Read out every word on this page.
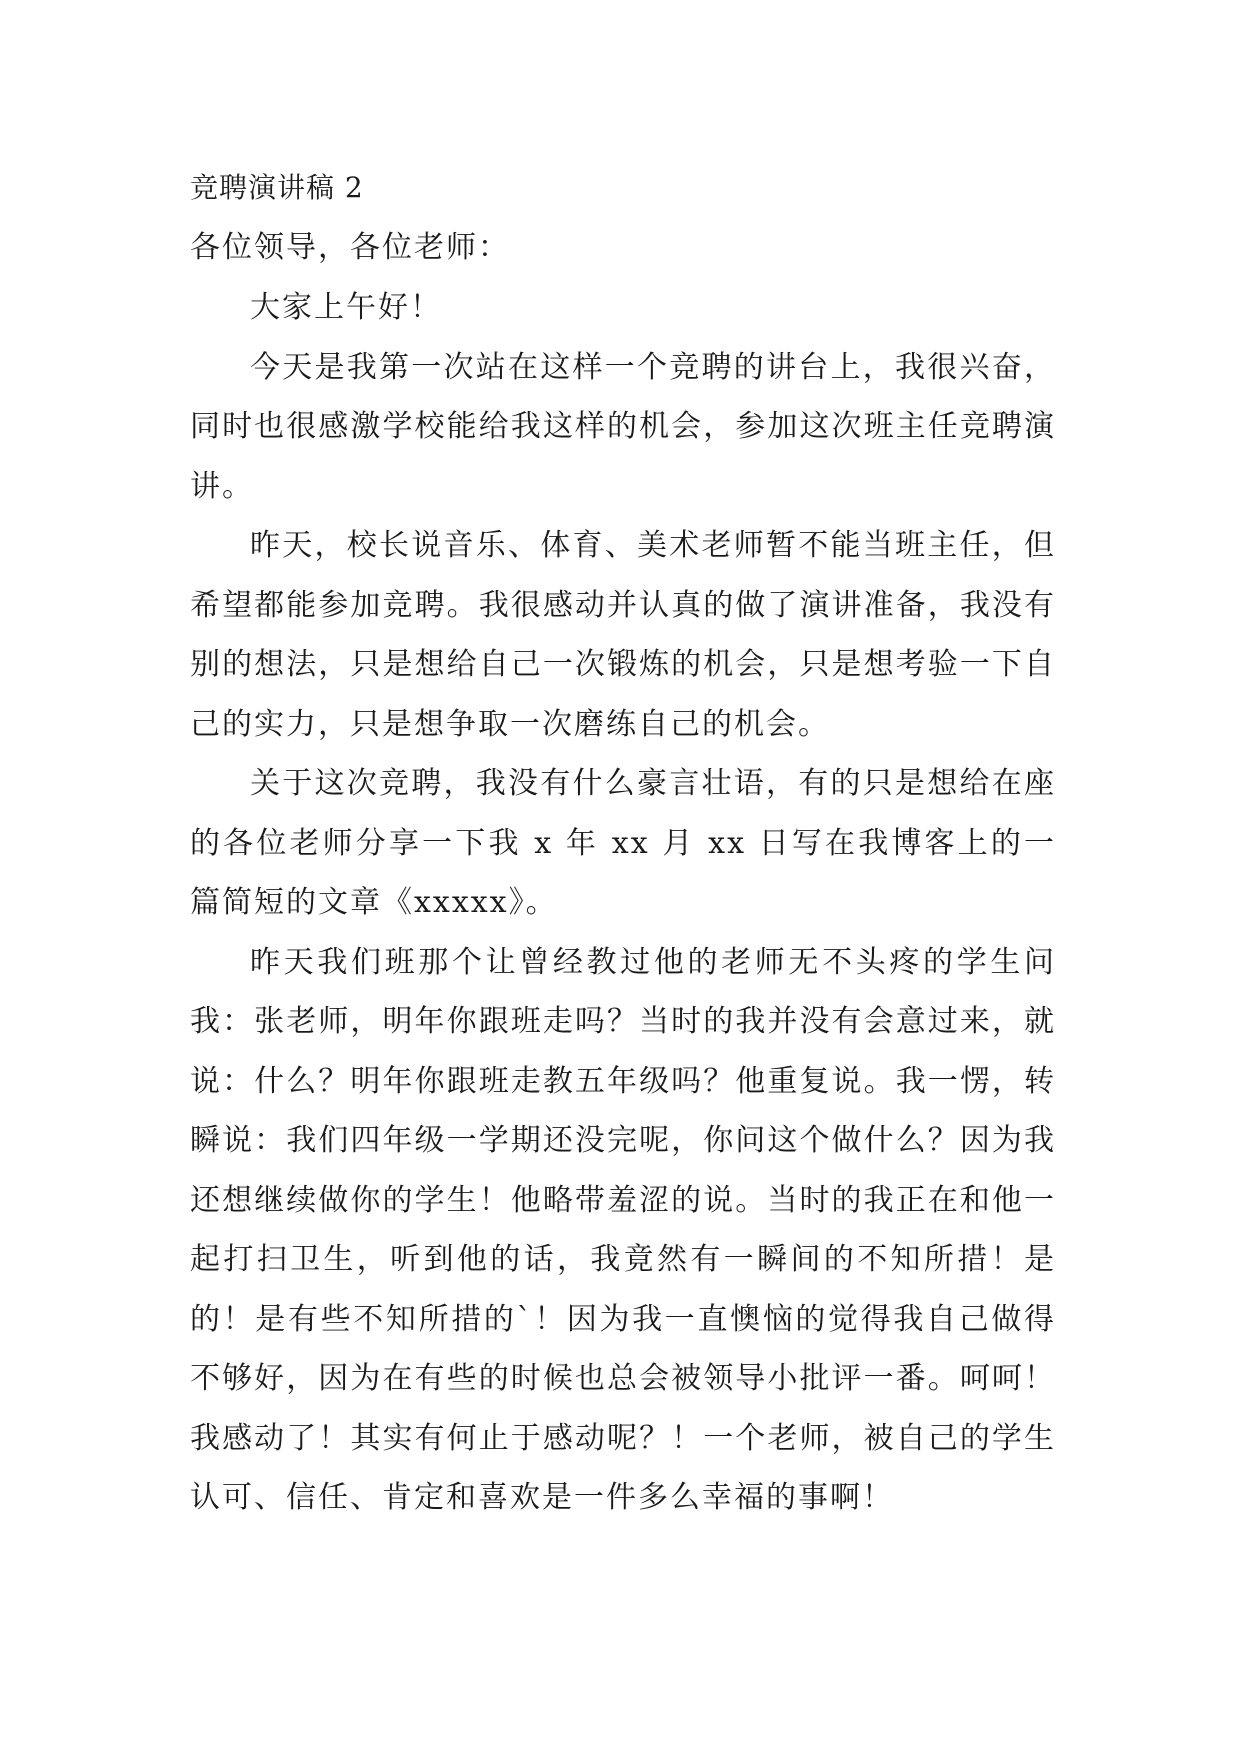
竞聘演讲稿 2

各位领导，各位老师：

大家上午好！

今天是我第一次站在这样一个竞聘的讲台上，我很兴奋，同时也很感激学校能给我这样的机会，参加这次班主任竞聘演讲。

昨天，校长说音乐、体育、美术老师暂不能当班主任，但希望都能参加竞聘。我很感动并认真的做了演讲准备，我没有别的想法，只是想给自己一次锻炼的机会，只是想考验一下自己的实力，只是想争取一次磨练自己的机会。

关于这次竞聘，我没有什么豪言壮语，有的只是想给在座的各位老师分享一下我 x 年 xx 月 xx 日写在我博客上的一篇简短的文章《xxxxx》。

昨天我们班那个让曾经教过他的老师无不头疼的学生问我：张老师，明年你跟班走吗？当时的我并没有会意过来，就说：什么？明年你跟班走教五年级吗？他重复说。我一愣，转瞬说：我们四年级一学期还没完呢，你问这个做什么？因为我还想继续做你的学生！他略带羞涩的说。当时的我正在和他一起打扫卫生，听到他的话，我竟然有一瞬间的不知所措！是的！是有些不知所措的`！因为我一直懊恼的觉得我自己做得不够好，因为在有些的时候也总会被领导小批评一番。呵呵！我感动了！其实有何止于感动呢？！一个老师，被自己的学生认可、信任、肯定和喜欢是一件多么幸福的事啊！
